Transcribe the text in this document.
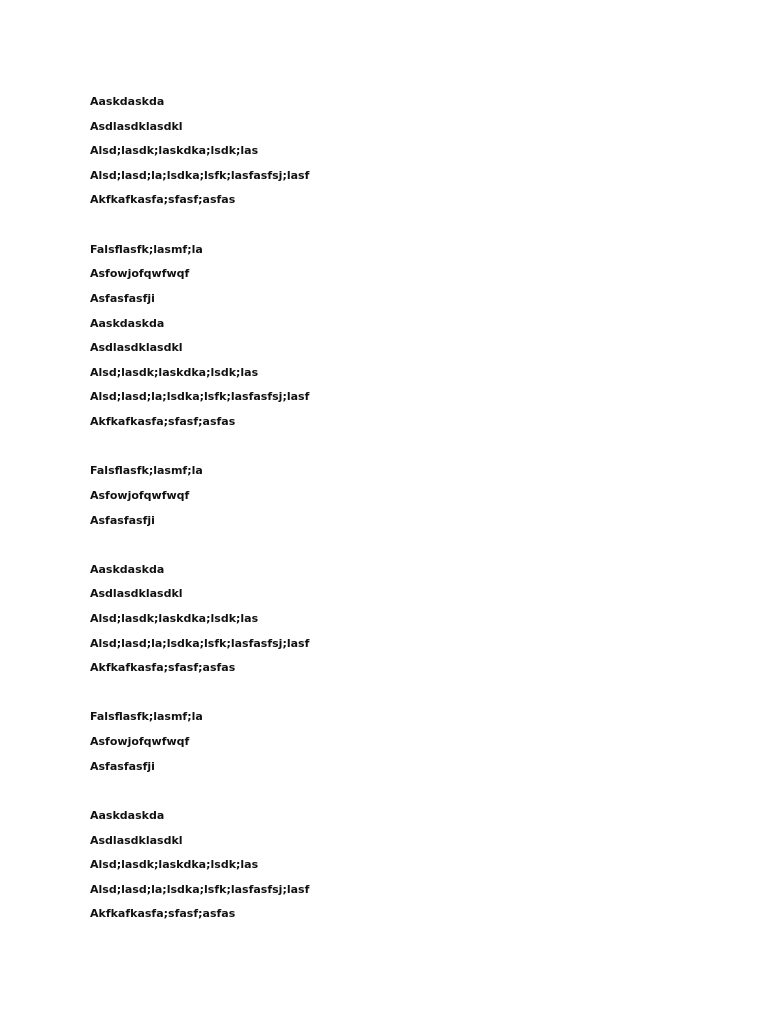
Aaskdaskda

Asdlasdklasdkl

Alsd;lasdk;laskdka;lsdk;las

Alsd;lasd;la;lsdka;lsfk;lasfasfsj;lasf

Akfkafkasfa;sfasf;asfas

Falsflasfk;lasmf;la

Asfowjofqwfwqf

Asfasfasfji

Aaskdaskda

Asdlasdklasdkl

Alsd;lasdk;laskdka;lsdk;las

Alsd;lasd;la;lsdka;lsfk;lasfasfsj;lasf

Akfkafkasfa;sfasf;asfas

Falsflasfk;lasmf;la

Asfowjofqwfwqf

Asfasfasfji

Aaskdaskda

Asdlasdklasdkl

Alsd;lasdk;laskdka;lsdk;las

Alsd;lasd;la;lsdka;lsfk;lasfasfsj;lasf

Akfkafkasfa;sfasf;asfas

Falsflasfk;lasmf;la

Asfowjofqwfwqf

Asfasfasfji

Aaskdaskda

Asdlasdklasdkl

Alsd;lasdk;laskdka;lsdk;las

Alsd;lasd;la;lsdka;lsfk;lasfasfsj;lasf

Akfkafkasfa;sfasf;asfas
